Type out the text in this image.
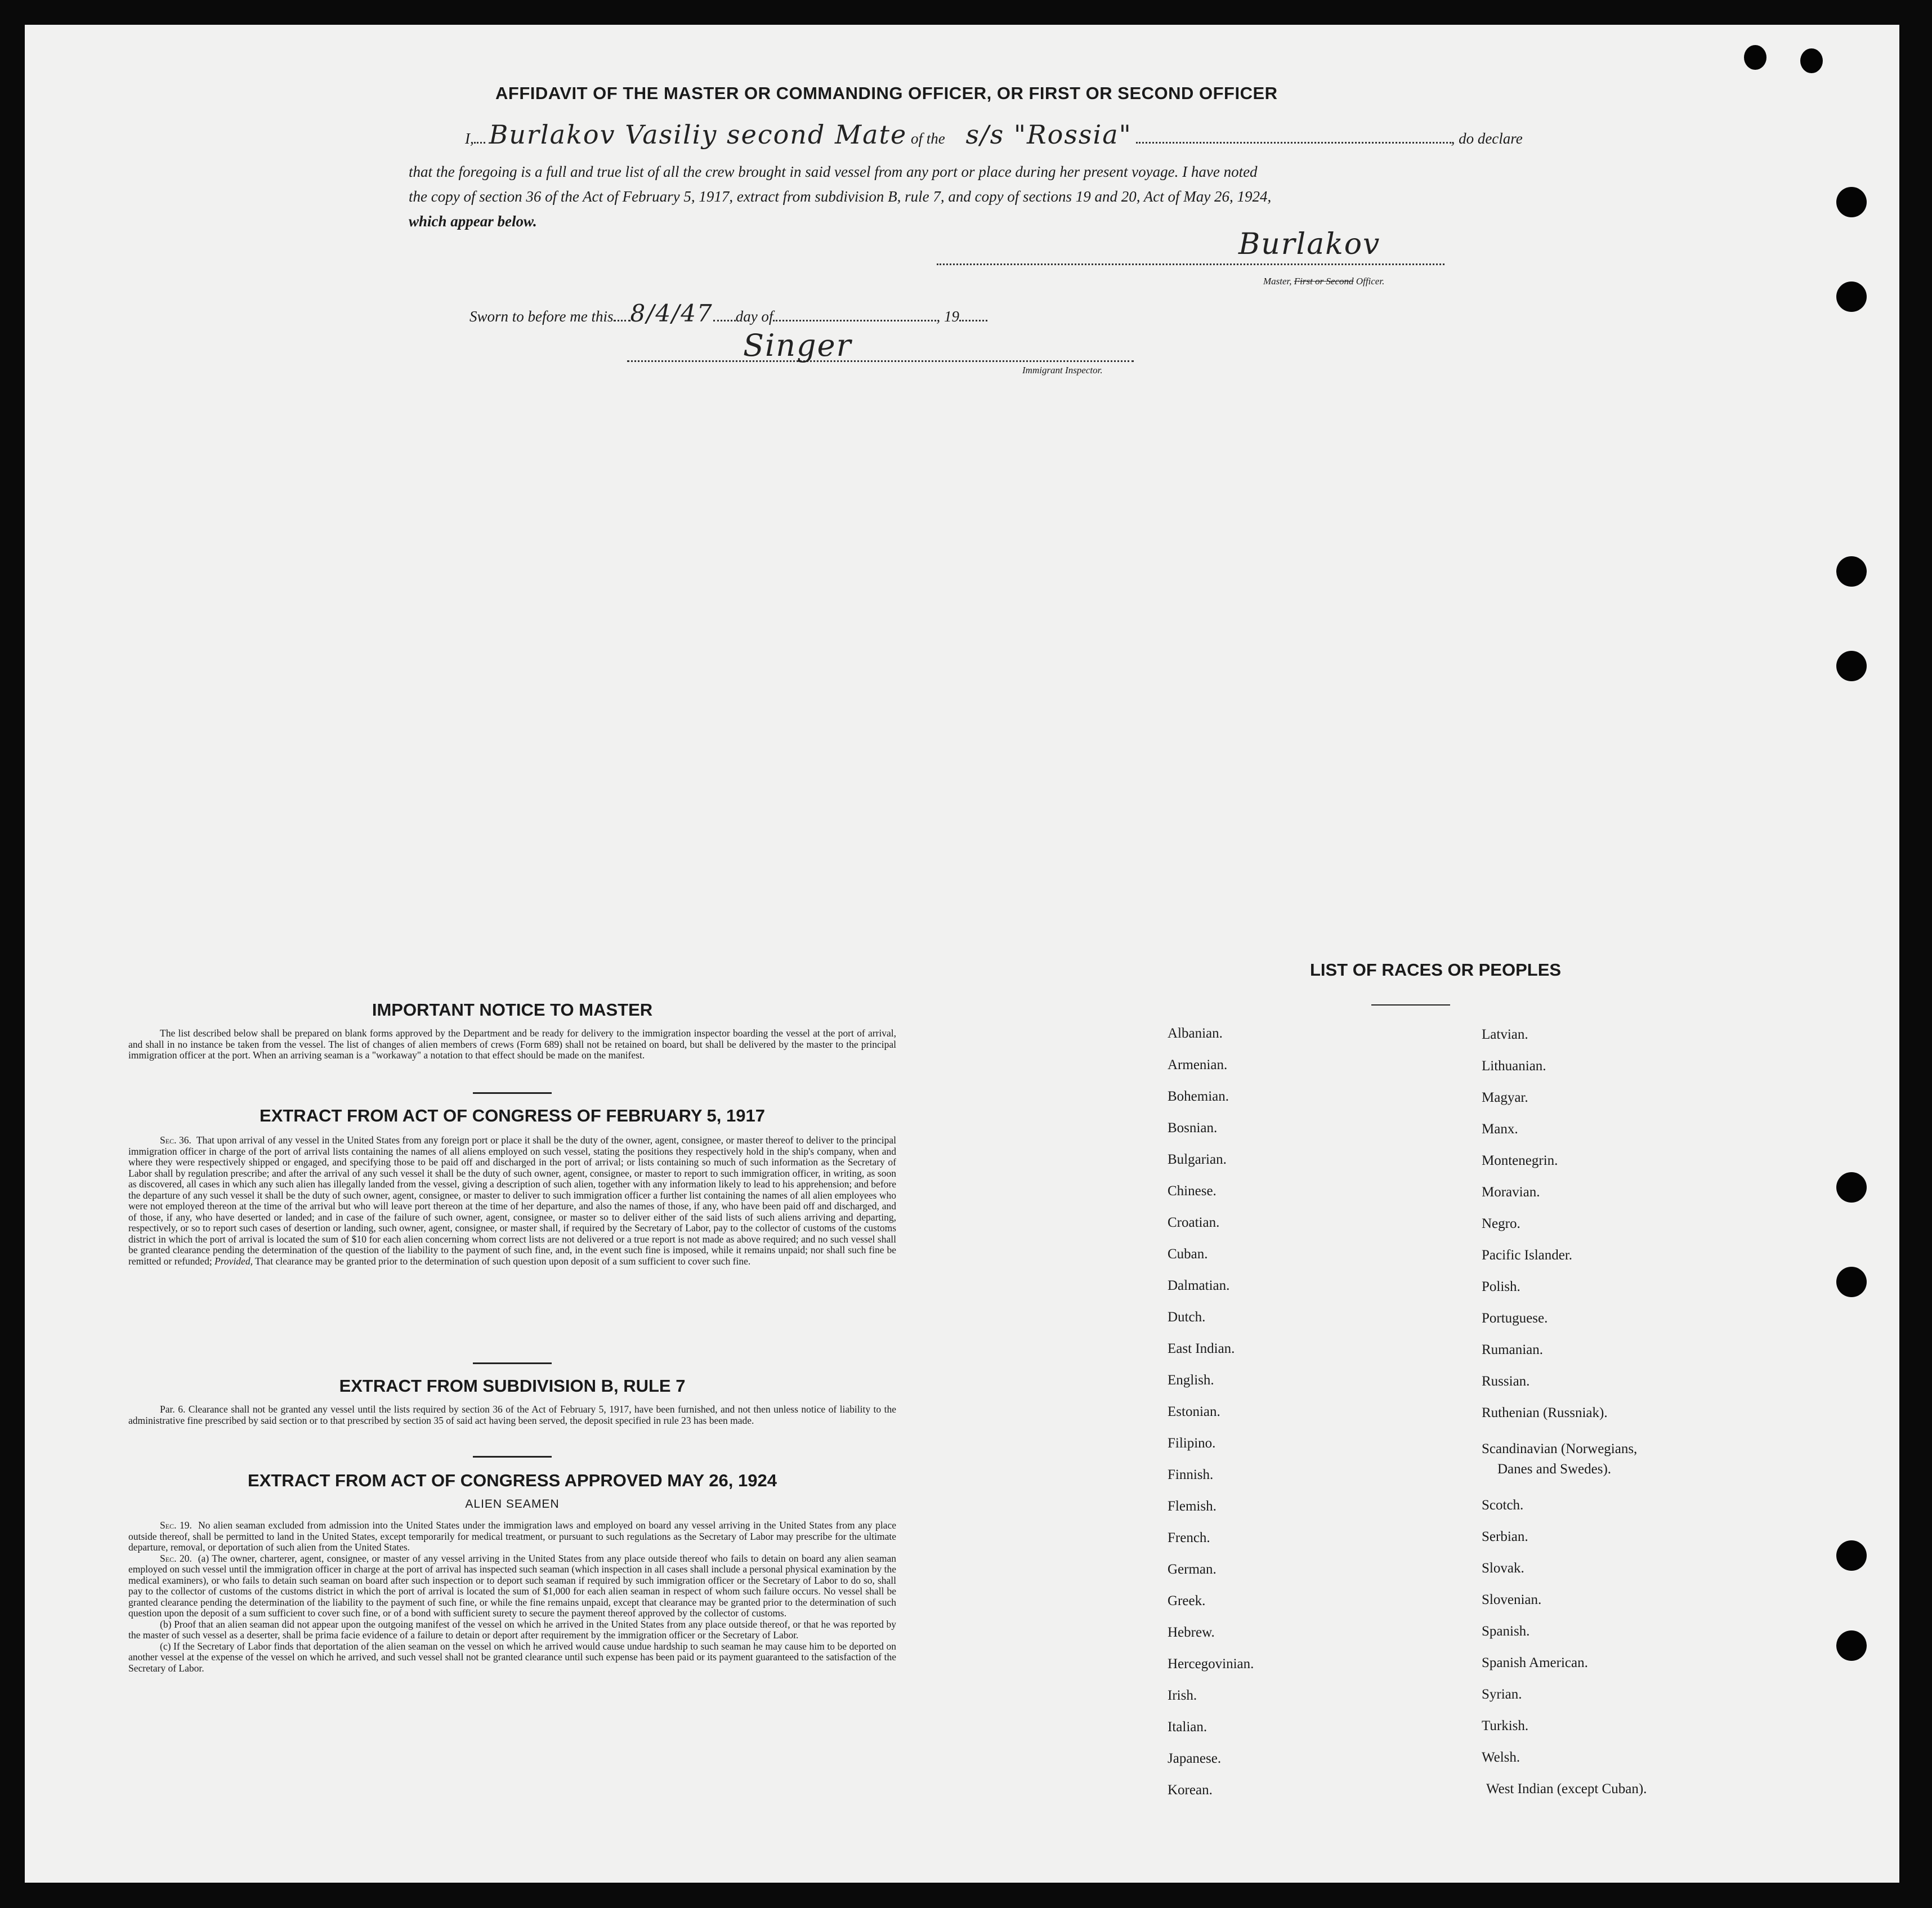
AFFIDAVIT OF THE MASTER OR COMMANDING OFFICER, OR FIRST OR SECOND OFFICER
I, Burlakov Vasiliy second Mate of the s/s "Rossia"	, do declare
that the foregoing is a full and true list of all the crew brought in said vessel from any port or place during her present voyage. I have noted
the copy of section 36 of the Act of February 5, 1917, extract from subdivision B, rule 7, and copy of sections 19 and 20, Act of May 26, 1924,
which appear below.
Burlakov
Master, First or Second Officer.
Sworn to before me this 8/4/47 day of	, 19
Singer
Immigrant Inspector.
IMPORTANT NOTICE TO MASTER

The list described below shall be prepared on blank forms approved by the Department and be ready for delivery to the immigration inspector boarding the vessel at the port of arrival, and shall in no instance be taken from the vessel. The list of changes of alien members of crews (Form 689) shall not be retained on board, but shall be delivered by the master to the principal immigration officer at the port. When an arriving seaman is a "workaway" a notation to that effect should be made on the manifest.

EXTRACT FROM ACT OF CONGRESS OF FEBRUARY 5, 1917

Sec. 36. That upon arrival of any vessel in the United States from any foreign port or place it shall be the duty of the owner, agent, consignee, or master thereof to deliver to the principal immigration officer in charge of the port of arrival lists containing the names of all aliens employed on such vessel, stating the positions they respectively hold in the ship's company, when and where they were respectively shipped or engaged, and specifying those to be paid off and discharged in the port of arrival; or lists containing so much of such information as the Secretary of Labor shall by regulation prescribe; and after the arrival of any such vessel it shall be the duty of such owner, agent, consignee, or master to report to such immigration officer, in writing, as soon as discovered, all cases in which any such alien has illegally landed from the vessel, giving a description of such alien, together with any information likely to lead to his apprehension; and before the departure of any such vessel it shall be the duty of such owner, agent, consignee, or master to deliver to such immigration officer a further list containing the names of all alien employees who were not employed thereon at the time of the arrival but who will leave port thereon at the time of her departure, and also the names of those, if any, who have been paid off and discharged, and of those, if any, who have deserted or landed; and in case of the failure of such owner, agent, consignee, or master so to deliver either of the said lists of such aliens arriving and departing, respectively, or so to report such cases of desertion or landing, such owner, agent, consignee, or master shall, if required by the Secretary of Labor, pay to the collector of customs of the customs district in which the port of arrival is located the sum of $10 for each alien concerning whom correct lists are not delivered or a true report is not made as above required; and no such vessel shall be granted clearance pending the determination of the question of the liability to the payment of such fine, and, in the event such fine is imposed, while it remains unpaid; nor shall such fine be remitted or refunded; Provided, That clearance may be granted prior to the determination of such question upon deposit of a sum sufficient to cover such fine.

EXTRACT FROM SUBDIVISION B, RULE 7

Par. 6. Clearance shall not be granted any vessel until the lists required by section 36 of the Act of February 5, 1917, have been furnished, and not then unless notice of liability to the administrative fine prescribed by said section or to that prescribed by section 35 of said act having been served, the deposit specified in rule 23 has been made.

EXTRACT FROM ACT OF CONGRESS APPROVED MAY 26, 1924
ALIEN SEAMEN

Sec. 19. No alien seaman excluded from admission into the United States under the immigration laws and employed on board any vessel arriving in the United States from any place outside thereof, shall be permitted to land in the United States, except temporarily for medical treatment, or pursuant to such regulations as the Secretary of Labor may prescribe for the ultimate departure, removal, or deportation of such alien from the United States.

Sec. 20. (a) The owner, charterer, agent, consignee, or master of any vessel arriving in the United States from any place outside thereof who fails to detain on board any alien seaman employed on such vessel until the immigration officer in charge at the port of arrival has inspected such seaman (which inspection in all cases shall include a personal physical examination by the medical examiners), or who fails to detain such seaman on board after such inspection or to deport such seaman if required by such immigration officer or the Secretary of Labor to do so, shall pay to the collector of customs of the customs district in which the port of arrival is located the sum of $1,000 for each alien seaman in respect of whom such failure occurs. No vessel shall be granted clearance pending the determination of the liability to the payment of such fine, or while the fine remains unpaid, except that clearance may be granted prior to the determination of such question upon the deposit of a sum sufficient to cover such fine, or of a bond with sufficient surety to secure the payment thereof approved by the collector of customs.

(b) Proof that an alien seaman did not appear upon the outgoing manifest of the vessel on which he arrived in the United States from any place outside thereof, or that he was reported by the master of such vessel as a deserter, shall be prima facie evidence of a failure to detain or deport after requirement by the immigration officer or the Secretary of Labor.

(c) If the Secretary of Labor finds that deportation of the alien seaman on the vessel on which he arrived would cause undue hardship to such seaman he may cause him to be deported on another vessel at the expense of the vessel on which he arrived, and such vessel shall not be granted clearance until such expense has been paid or its payment guaranteed to the satisfaction of the Secretary of Labor.

LIST OF RACES OR PEOPLES
Albanian.
Armenian.
Bohemian.
Bosnian.
Bulgarian.
Chinese.
Croatian.
Cuban.
Dalmatian.
Dutch.
East Indian.
English.
Estonian.
Filipino.
Finnish.
Flemish.
French.
German.
Greek.
Hebrew.
Hercegovinian.
Irish.
Italian.
Japanese.
Korean.
Latvian.
Lithuanian.
Magyar.
Manx.
Montenegrin.
Moravian.
Negro.
Pacific Islander.
Polish.
Portuguese.
Rumanian.
Russian.
Ruthenian (Russniak).
Scandinavian (Norwegians,
Danes and Swedes).
Scotch.
Serbian.
Slovak.
Slovenian.
Spanish.
Spanish American.
Syrian.
Turkish.
Welsh.
West Indian (except Cuban).
